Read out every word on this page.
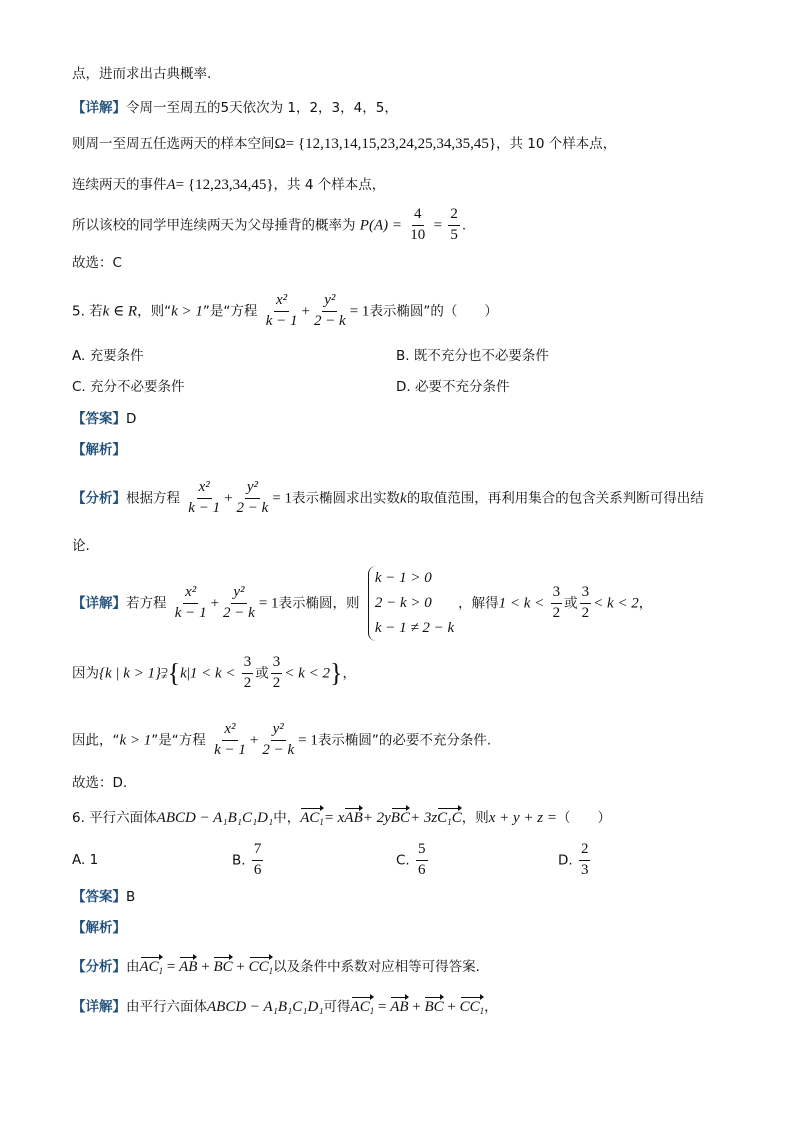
点，进而求出古典概率.
【详解】令周一至周五的5天依次为 1，2，3，4，5，
则周一至周五任选两天的样本空间Ω= {12,13,14,15,23,24,25,34,35,45}，共 10 个样本点，
连续两天的事件A= {12,23,34,45}，共 4 个样本点，
所以该校的同学甲连续两天为父母捶背的概率为 $P(A) = \frac{4}{10} = \frac{2}{5}$ .
故选：C
5. 若k ∈ R，则“k > 1”是“方程 $\frac{\text{x²}}{k - 1} + \frac{\text{y²}}{2 - k} = 1$表示椭圆”的（　　）
A. 充要条件	B. 既不充分也不必要条件
C. 充分不必要条件	D. 必要不充分条件
【答案】D
【解析】
【分析】根据方程 $\frac{\text{x²}}{k - 1} + \frac{\text{y²}}{2 - k} = 1$表示椭圆求出实数k的取值范围，再利用集合的包含关系判断可得出结
论.
【详解】若方程 $\frac{\text{x²}}{k - 1} + \frac{\text{y²}}{2 - k} = 1$表示椭圆，则
k − 1 > 0
2 − k > 0
k − 1 ≠ 2 − k
，解得$1 < k < \frac{3}{2}$ 或 $\frac{3}{2} < k < 2$，
因为{k | k > 1}⫌{k|1 < $k < \frac{3}{2}$ 或 $\frac{3}{2} < k < 2$}，
因此，“k > 1”是“方程 $\frac{\text{x²}}{k - 1} + \frac{\text{y²}}{2 - k} = 1$表示椭圆”的必要不充分条件.
故选：D.
6. 平行六面体ABCD − A₁B₁C₁D₁中，$AC_1= xAB+ 2yBC+ 3zC_1C$，则x + y + z =（　　）
A. 1	B. $\frac{7}{6}$	C. $\frac{5}{6}$	D. $\frac{2}{3}$
【答案】B
【解析】
【分析】由$AC_1$ = AB + BC + $CC_1$以及条件中系数对应相等可得答案.
【详解】由平行六面体ABCD − A₁B₁C₁D₁可得$AC_1$ = AB + BC + $CC_1$，
